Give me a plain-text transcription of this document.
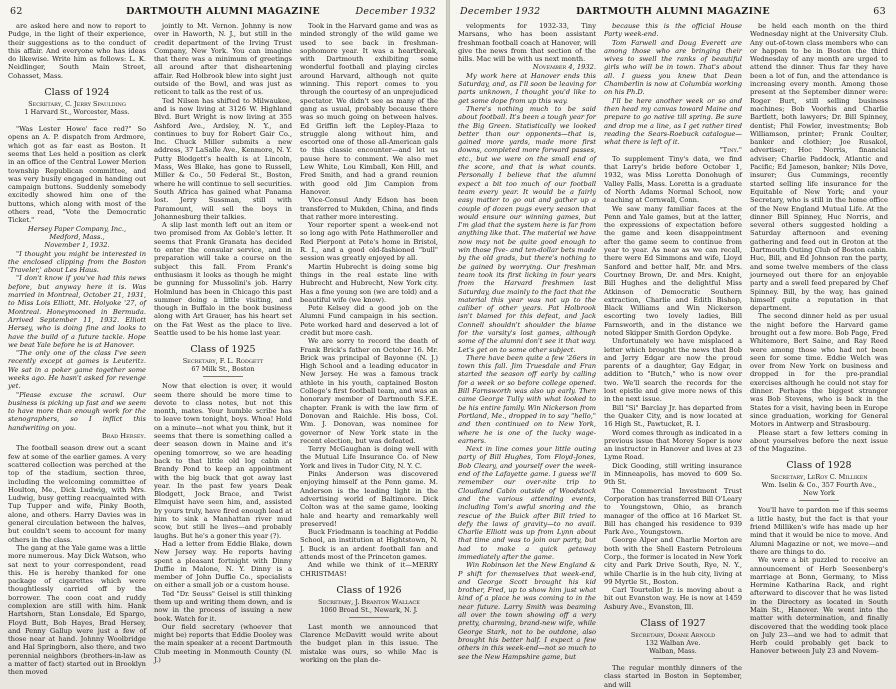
62	DARTMOUTH ALUMNI MAGAZINE	December 1932

are asked here and now to report to Pudge, in the light of their experience, their suggestions as to the conduct of this affair. And everyone who has ideas do likewise. Write him as follows: L. K. Neidlinger, South Main Street, Cohasset, Mass.

Class of 1924

Secretary, C. Jerry Spaulding

1 Harvard St., Worcester, Mass.

"Was Lester Howe' face red?" So opens an A. P. dispatch from Ardmore, which got as far east as Boston. It seems that Les held a position as clerk in an office of the Central Lower Merion township Republican committee, and was very busily engaged in handing out campaign buttons. Suddenly somebody excitedly showed him one of the buttons, which along with most of the others read, "Vote the Democratic Ticket."

Hersey Paper Company, Inc.,

Medford, Mass.,

November 1, 1932.

"I thought you might be interested in the enclosed clipping from the Boston 'Traveler,' about Les Haus.

"I don't know if you've had this news before, but anyway here it is. Was married in Montreal, October 21, 1931, to Miss Lois Elliott, Mt. Holyoke '27, of Montreal. Honeymooned in Bermuda. Arrived September 11, 1932. Elliott Hersey, who is doing fine and looks to have the build of a future tackle. Hope we beat Yale before he is at Hanover.

"The only one of the class I've seen recently except at games is Leuteritz. We sat in a poker game together some weeks ago. He hasn't asked for revenge yet.

"Please excuse the scrawl. Our business is picking up fast and we seem to have more than enough work for the stenographers, so I inflict this handwriting on you.

Brad Hersey.

The football season drew out a scant few at some of the earlier games. A very scattered collection was perched at the top of the stadium, section three, including the welcoming committee of Houlton, Me., Dick Ludwig, with Mrs. Ludwig, busy getting reacquainted with Tup Tupper and wife, Pinky Booth, alone, and others. Harry Davies was in general circulation between the halves, but couldn't seem to account for many others in the class.

The gang at the Yale game was a little more numerous. May Dick Watson, who sat next to your correspondent, read this. He is hereby thanked for one package of cigarettes which were thoughtlessly carried off by the borrower. The coon coat and ruddy complexion are still with him. Hank Hartshorn, Stan Lonsdale, Ed Spargo, Floyd Butt, Bob Hayes, Brad Hersey, and Penny Gallup were just a few of those near at hand. Johnny Woolbridge and Hal Springborn, also there, and two perennial neighbors (brothers-in-law as a matter of fact) started out in Brooklyn then moved

jointly to Mt. Vernon. Johnny is now over in Haworth, N. J., but still in the credit department of the Irving Trust Company, New York. You can imagine that there was a minimum of greetings all around after that disheartening affair. Red Holbrook blew into sight just outside of the Bowl, and was just as reticent to talk as the rest of us.

Ted Nilsen has shifted to Milwaukee, and is now living at 3126 W. Highland Blvd. Burt Wright is now living at 355 Ashford Ave., Ardsley, N. Y., and continues to buy for Robert Gair Co., Inc. Chuck Miller submits a new address, 37 LaSalle Ave., Kenmore, N. Y. Putty Blodgett's health is at Lincoln, Mass, Wes Blake, has gone to Russell, Miller & Co., 50 Federal St., Boston, where he will continue to sell securities. South Africa has gained what Panama lost. Jerry Sussman, still with Paramount, will sell the boys in Johannesburg their talkies.

A slip last month left out an item or two promised from Ax Goble's letter. It seems that Frank Granata has decided to enter the consular service, and in preparation will take a course on the subject this fall. From Frank's enthusiasm it looks as though he might be gunning for Mussolini's job. Harry Holmlund has been in Chicago this past summer doing a little visiting, and though in Buffalo in the book business along with Art Grauer, has his heart set on the Fat West as the place to live. Seattle used to be his home last year.

Class of 1925

Secretary, F. L. Rodgett

67 Milk St., Boston

Now that election is over, it would seem there should be more time to devote to class notes, but not this month, mates. Your humble scribe has to leave town tonight, boys. Whoa! Hold on a minute—not what you think, but it seems that there is something called a deer season down in Maine and it's opening tomorrow, so we are heading back to that little old log cabin at Brandy Pond to keep an appointment with the big buck that got away last year. In the past few years Deak Blodgett, Jock Brace, and Twist Elmquist have seen him, and, assisted by yours truly, have fired enough lead at him to sink a Manhattan river mud scow, but still he lives—and probably laughs. But he's a goner this year (?).

Had a letter from Eddie Blake, down New Jersey way. He reports having spent a pleasant fortnight with Dinny Duffie in Malone, N. Y. Dinny is a member of John Duffie Co., specialists on either a small job or a custom house.

Ted "Dr. Seuss" Geisel is still thinking them up and writing them down, and is now in the process of issuing a new book. Watch for it.

Our field secretary (whoever that might be) reports that Eddie Dooley was the main speaker at a recent Dartmouth Club meeting in Monmouth County (N. J.)

Took in the Harvard game and was as minded strongly of the wild game we used to see back in freshman-sophomore year. It was a heartbreak, with Dartmouth exhibiting some wonderful football and playing circles around Harvard, although not quite winning. This report comes to you through the courtesy of an unprejudiced spectator. We didn't see as many of the gang as usual, probably because there was so much going on between halves. Ed Griffin left the Lepley-Plaza to struggle along without him, and escorted one of those all-American gals to this classic encounter—and let us pause here to comment. We also met Lew White, Lou Kimball, Ken Hill, and Fred Smith, and had a grand reunion with good old Jim Campion from Hanover.

Vice-Consul Andy Edson has been transferred to Mukden, China, and finds that rather more interesting.

Your reporter spent a week-end not so long ago with Pete Hathmeroller and Red Pierpont at Pete's home in Bristol, R. I., and a good old-fashioned "bull" session was greatly enjoyed by all.

Martin Hubrecht is doing some big things in the real estate line with Hubrecht and Hubrecht, New York city. Has a fine young son (we are told) and a beautiful wife (we know).

Pete Kelsey did a good job on the Alumni Fund campaign in his section. Pete worked hard and deserved a lot of credit but more cash.

We are sorry to record the death of Frank Brick's father on October 16. Mr. Brick was principal of Bayonne (N. J.) High School and a leading educator in New Jersey. He was a famous track athlete in his youth, captained Boston College's first football team, and was an honorary member of Dartmouth S.F.E. chapter. Frank is with the law firm of Donovan and Raichle. His boss, Col. Wm. J. Donovan, was nominee for governor of New York state in the recent election, but was defeated.

Terry McGaughan is doing well with the Mutual Life Insurance Co. of New York and lives in Tudor City, N. Y. C.

Pinks Anderson was discovered enjoying himself at the Penn game. M. Anderson is the leading light in the advertising world of Baltimore. Dick Colton was at the same game, looking hale and hearty and remarkably well preserved!

Buck Friedmann is teaching at Peddie School, an institution at Hightstown, N. J. Buck is an ardent football fan and attends most of the Princeton games.

And while we think of it—MERRY CHRISTMAS!

Class of 1926

Secretary, J. Branton Wallace

1060 Broad St., Newark, N. J.

Last month we announced that Clarence McDavitt would write about the budget plan in this issue. The mistake was ours, so while Mac is working on the plan de-

December 1932	DARTMOUTH ALUMNI MAGAZINE	63

velopments for 1932-33, Tiny Marsans, who has been assistant freshman football coach at Hanover, will give the news from that section of the hills. Mac will be with us next month.

November 4, 1932.

My work here at Hanover ends this Saturday, and, as I'll soon be leaving for parts unknown, I thought you'd like to get some dope from up this way.

There's nothing much to be said about football. It's been a tough year for the Big Green. Statistically we looked better than our opponents—that is, gained more yards, made more first downs, completed more forward passes, etc., but we were on the small end of the score, and that is what counts. Personally I believe that the alumni expect a bit too much of our football team every year. It would be a fairly easy matter to go out and gather up a couple of dozen pugs every season that would ensure our winning games, but I'm glad that the system here is far from anything like that. The material we have now may not be quite good enough to win those five- and ten-dollar bets made by the old grads, but there's nothing to be gained by worrying. Our freshman team took its first licking in four years from the Harvard freshmen last Saturday, due mainly to the fact that the material this year was not up to the caliber of other years. Pat Holbrook isn't blamed for this defeat, and Jack Connell shouldn't shoulder the blame for the varsity's lost games, although some of the alumni don't see it that way. Let's get on to some other subject.

There have been quite a few '26ers in town this fall. Jim Truesdale and Fran started the season off early by calling for a week or so before college opened. Bill Farnsworth was also up early. Then came George Tully with what looked to be his entire family. Win Nickerson from Portland, Me., dropped in to say "hello," and then continued on to New York, where he is one of the lucky wage-earners.

Next in line comes your little outing party of Bill Hughes, Tom Floyd-Jones, Bob Cleary, and yourself over the week-end of the Lafayette game. I guess we'll remember our over-nite trip to Cloudland Cabin outside of Woodstock and the various attending events, including Tom's awful snoring and the rescue of the Buick after Bill tried to defy the laws of gravity—to no avail. Charlie Elliott was up from Lynn about that time and was to join our party, but had to make a quick getaway immediately after the game.

Win Robinson let the New England & P shift for themselves that week-end, and George Scott brought his kid brother, Fred, up to show him just what kind of a place he was coming to in the near future. Larry Smith was beaming all over the town showing off a very pretty, charming, brand-new wife, while George Stark, not to be outdone, also brought his better half. I expect a few others in this week-end—not so much to see the New Hampshire game, but

because this is the official House Party week-end.

Tom Farwell and Doug Everett are among those who are bringing their wives to swell the ranks of beautiful girls who will be in town. That's about all. I guess you knew that Dean Chamberlin is now at Columbia working on his Ph.D.

I'll be here another week or so and then head my canvas toward Maine and prepare to go native till spring. Be sure and drop me a line, as I get rather tired reading the Sears-Roebuck catalogue—what there is left of it.

"Tiny."

To supplement Tiny's data, we find that Larry's bride before October 1, 1932, was Miss Loretta Donohugh of Valley Falls, Mass. Loretta is a graduate of North Adams Normal School, now teaching at Cornwall, Conn.

We saw many familiar faces at the Penn and Yale games, but at the latter, the expressions of expectation before the game and keen disappointment after the game seem to continue from year to year. As near as we can recall, there were Ed Simmons and wife, Lloyd Sanford and better half, Mr. and Mrs. Courtney Brown, Dr. and Mrs. Knight, Bill Hughes and the delightful Miss Atkinson of Democratic Southern extraction, Charlie and Edith Bishop, Black Williams and Win Nickerson escorting two lovely ladies, Bill Farnsworth, and in the distance we noted Skipper Smith Gordon Opdyke.

Unfortunately we have misplaced a letter which brought the news that Bob and Jerry Edgar are now the proud parents of a daughter, Gay Edgar, in addition to "Butch," who is now over two. We'll search the records for the lost epistle and give more news of this in the next issue.

Bill "Si" Barclay Jr. has departed from the Quaker City, and is now located at 16 High St., Pawtucket, R. I.

Word comes through as indicated in a previous issue that Morey Soper is now an instructor in Hanover and lives at 23 Lyme Road.

Dick Gooding, still writing insurance in Minneapolis, has moved to 609 So. 9th St.

The Commercial Investment Trust Corporation has transferred Bill O'Leary to Youngstown, Ohio, as branch manager of the office at 16 Market St. Bill has changed his residence to 939 Park Ave., Youngstown.

George Alper and Charlie Morton are both with the Shell Eastern Petroleum Corp., the former is located in New York city and Park Drive South, Rye, N. Y., while Charlie is in the hub city, living at 99 Myrtle St., Boston.

Carl Tourtellot Jr. is moving about a bit out Evanston way. He is now at 1459 Asbury Ave., Evanston, Ill.

Class of 1927

Secretary, Doane Arnold

132 Walban Ave.

Walban, Mass.

The regular monthly dinners of the class started in Boston in September, and will

be held each month on the third Wednesday night at the University Club. Any out-of-town class members who can or happen to be in Boston the third Wednesday of any month are urged to attend the dinner. Thus far they have been a lot of fun, and the attendance is increasing every month. Among those present at the September dinner were: Roger Burt, still selling business machines; Bob Voorhis and Charlie Bartlett, both lawyers; Dr. Bill Spinney, dentist; Phil Fowler, investments; Bob Williamson, printer; Frank Coulter, banker and clothier; Joe Rusakol, advertiser; Hoc Norris, financial adviser; Charlie Paddock, Atlantic and Pacific; Ed Jameson, banker; Nils Dove, insurer; Gus Cummings, recently started selling life insurance for the Equitable of New York; and your Secretary, who is still in the home office of the New England Mutual Life. At the dinner Bill Spinney, Huc Norris, and several others suggested holding a Saturday afternoon and evening gathering and feed out in Groton at the Dartmouth Outing Club of Boston cabin. Huc, Bill, and Ed Johnson ran the party, and some twelve members of the class journeyed out there for an enjoyable party and a swell feed prepared by Chef Spinney. Bill, by the way, has gained himself quite a reputation in that department.

The second dinner held as per usual the night before the Harvard game brought out a few more. Bob Page, Fred Whitemore, Bert Saine, and Ray Reed were among those who had not been seen for some time. Eddie Welch was over from New York on business and dropped in for the pre-prandial exercises although he could not stay for dinner. Perhaps the biggest stranger was Bob Stevens, who is back in the States for a visit, having been in Europe since graduation, working for General Motors in Antwerp and Strasbourg.

Please start a few letters coming in about yourselves before the next issue of the Magazine.

Class of 1928

Secretary, LeRoy C. Milliken

Wm. Iselin & Co., 357 Fourth Ave.,

New York

You'll have to pardon me if this seems a little hasty, but the fact is that your friend Milliken's wife has made up her mind that it would be nice to move. And Alumni Magazine or not, we move—and there are things to do.

We were a bit puzzled to receive an announcement of Herb Seesenberg's marriage at Bonn, Germany, to Miss Hermine Katharina Rack, and right afterward to discover that he was listed in the Directory as located in South Main St., Hanover. We went into the matter with determination, and finally discovered that the wedding took place on July 23—and we had to admit that Herb could probably get back to Hanover between July 23 and Novem-
